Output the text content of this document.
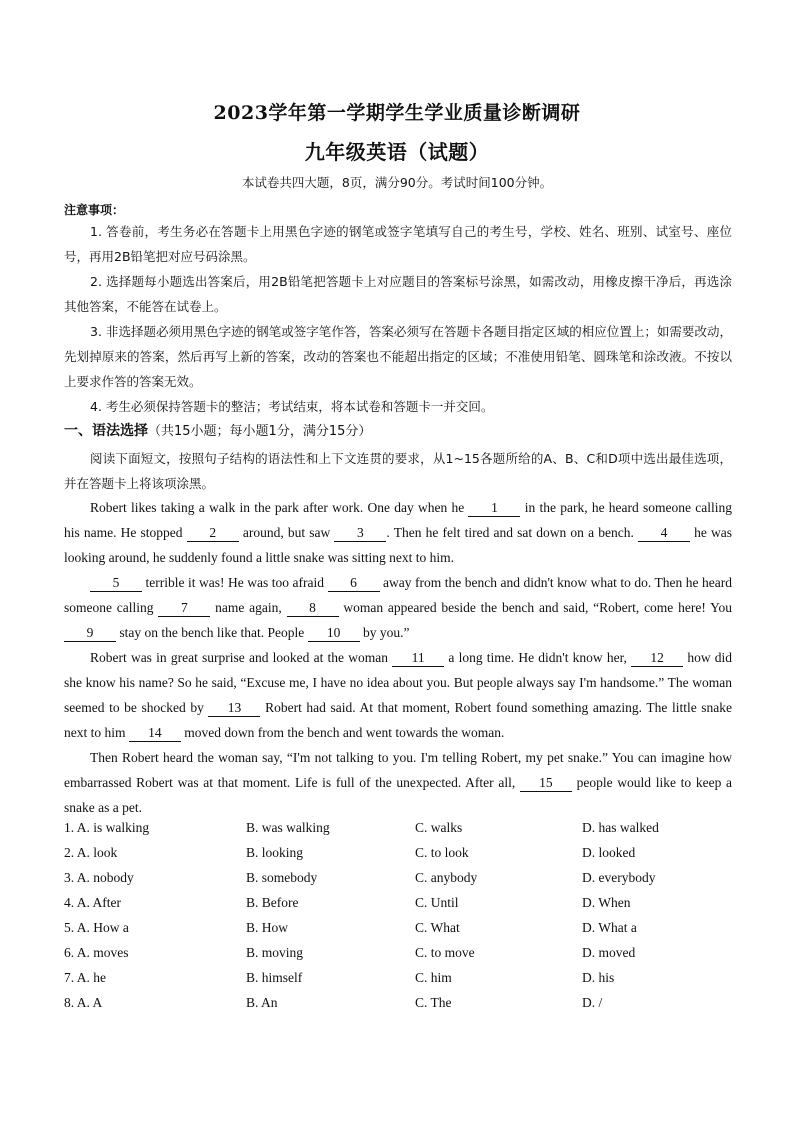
2023学年第一学期学生学业质量诊断调研
九年级英语（试题）
本试卷共四大题，8页，满分90分。考试时间100分钟。
注意事项：

1. 答卷前，考生务必在答题卡上用黑色字迹的钢笔或签字笔填写自己的考生号，学校、姓名、班别、试室号、座位号，再用2B铅笔把对应号码涂黑。

2. 选择题每小题选出答案后，用2B铅笔把答题卡上对应题目的答案标号涂黑，如需改动，用橡皮擦干净后，再选涂其他答案，不能答在试卷上。

3. 非选择题必须用黑色字迹的钢笔或签字笔作答，答案必须写在答题卡各题目指定区域的相应位置上；如需要改动，先划掉原来的答案，然后再写上新的答案，改动的答案也不能超出指定的区域；不准使用铅笔、圆珠笔和涂改液。不按以上要求作答的答案无效。

4. 考生必须保持答题卡的整洁；考试结束，将本试卷和答题卡一并交回。

一、语法选择（共15小题；每小题1分，满分15分）

阅读下面短文，按照句子结构的语法性和上下文连贯的要求，从1~15各题所给的A、B、C和D项中选出最佳选项，并在答题卡上将该项涂黑。

Robert likes taking a walk in the park after work. One day when he 1 in the park, he heard someone calling his name. He stopped 2 around, but saw 3 . Then he felt tired and sat down on a bench. 4 he was looking around, he suddenly found a little snake was sitting next to him.

5 terrible it was! He was too afraid 6 away from the bench and didn't know what to do. Then he heard someone calling 7 name again, 8 woman appeared beside the bench and said, “Robert, come here! You 9 stay on the bench like that. People 10 by you.”

Robert was in great surprise and looked at the woman 11 a long time. He didn't know her, 12 how did she know his name? So he said, “Excuse me, I have no idea about you. But people always say I'm handsome.” The woman seemed to be shocked by 13 Robert had said. At that moment, Robert found something amazing. The little snake next to him 14 moved down from the bench and went towards the woman.

Then Robert heard the woman say, “I'm not talking to you. I'm telling Robert, my pet snake.” You can imagine how embarrassed Robert was at that moment. Life is full of the unexpected. After all, 15 people would like to keep a snake as a pet.

1. A. is walking	B. was walking	C. walks	D. has walked
2. A. look	B. looking	C. to look	D. looked
3. A. nobody	B. somebody	C. anybody	D. everybody
4. A. After	B. Before	C. Until	D. When
5. A. How a	B. How	C. What	D. What a
6. A. moves	B. moving	C. to move	D. moved
7. A. he	B. himself	C. him	D. his
8. A. A	B. An	C. The	D. /
